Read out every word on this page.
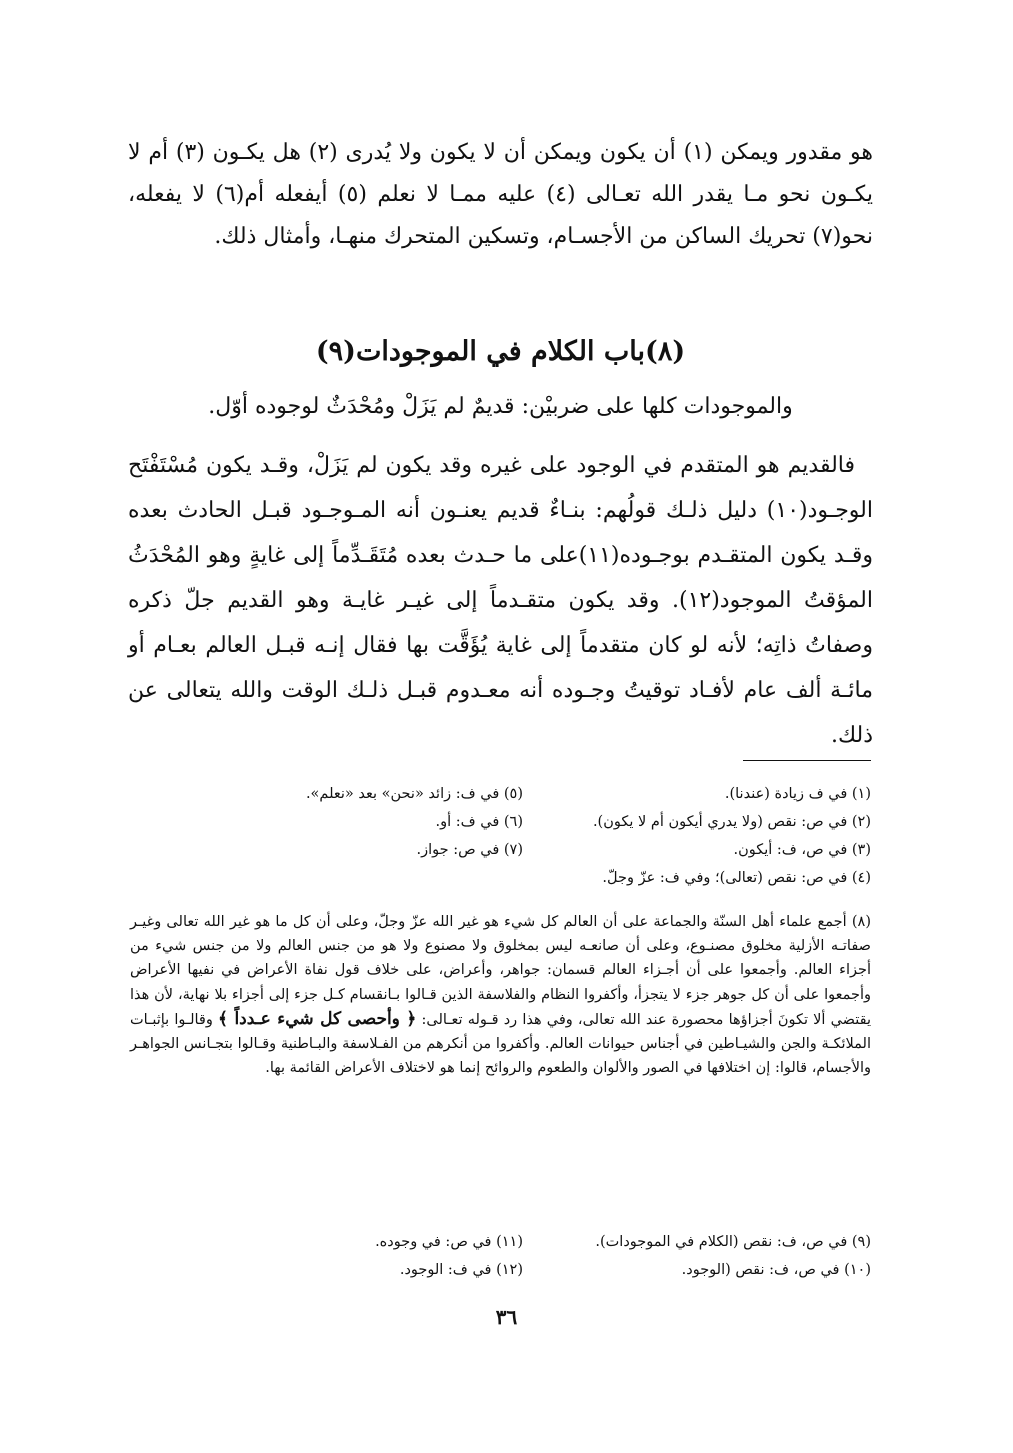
هو مقدور ويمكن (١) أن يكون ويمكن أن لا يكون ولا يُدرى (٢) هل يكـون (٣) أم لا يكـون نحو مـا يقدر الله تعـالى (٤) عليه ممـا لا نعلم (٥) أيفعله أم(٦) لا يفعله، نحو(٧) تحريك الساكن من الأجسـام، وتسكين المتحرك منهـا، وأمثال ذلك.

(٨)باب الكلام في الموجودات(٩)

والموجودات كلها على ضربيْن: قديمٌ لم يَزَلْ ومُحْدَثٌ لوجوده أوّل.

فالقديم هو المتقدم في الوجود على غيره وقد يكون لم يَزَلْ، وقـد يكون مُسْتَفْتَح الوجـود(١٠) دليل ذلـك قولُهم: بنـاءٌ قديم يعنـون أنه المـوجـود قبـل الحادث بعده وقـد يكون المتقـدم بوجـوده(١١)على ما حـدث بعده مُتَقَـدِّماً إلى غايةٍ وهو المُحْدَثُ المؤقتُ الموجود(١٢). وقد يكون متقـدماً إلى غيـر غايـة وهو القديم جلّ ذكره وصفاتُ ذاتِه؛ لأنه لو كان متقدماً إلى غاية يُؤَقَّت بها فقال إنـه قبـل العالم بعـام أو مائـة ألف عام لأفـاد توقيتُ وجـوده أنه معـدوم قبـل ذلـك الوقت والله يتعالى عن ذلك.

(١) في ف زيادة (عندنا).
(٢) في ص: نقص (ولا يدري أيكون أم لا يكون).
(٣) في ص، ف: أيكون.
(٤) في ص: نقص (تعالى)؛ وفي ف: عزّ وجلّ.
(٥) في ف: زائد «نحن» بعد «نعلم».
(٦) في ف: أو.
(٧) في ص: جواز.

(٨) أجمع علماء أهل السنّة والجماعة على أن العالم كل شيء هو غير الله عزّ وجلّ، وعلى أن كل ما هو غير الله تعالى وغيـر صفاتـه الأزلية مخلوق مصنـوع، وعلى أن صانعـه ليس بمخلوق ولا مصنوع ولا هو من جنس العالم ولا من جنس شيء من أجزاء العالم. وأجمعوا على أن أجـزاء العالم قسمان: جواهر، وأعراض، على خلاف قول نفاة الأعراض في نفيها الأعراض وأجمعوا على أن كل جوهر جزء لا يتجزأ، وأكفروا النظام والفلاسفة الذين قـالوا بـانقسام كـل جزء إلى أجزاء بلا نهاية، لأن هذا يقتضي ألا تكونَ أجزاؤها محصورة عند الله تعالى، وفي هذا رد قـوله تعـالى: ﴿ وأحصى كل شيء عـدداً ﴾ وقالـوا بإثبـات الملائكـة والجن والشيـاطين في أجناس حيوانات العالم. وأكفروا من أنكرهم من الفـلاسفة والبـاطنية وقـالوا بتجـانس الجواهـر والأجسام، قالوا: إن اختلافها في الصور والألوان والطعوم والروائح إنما هو لاختلاف الأعراض القائمة بها.

(٩) في ص، ف: نقص (الكلام في الموجودات).
(١٠) في ص، ف: نقص (الوجود.
(١١) في ص: في وجوده.
(١٢) في ف: الوجود.
٣٦
